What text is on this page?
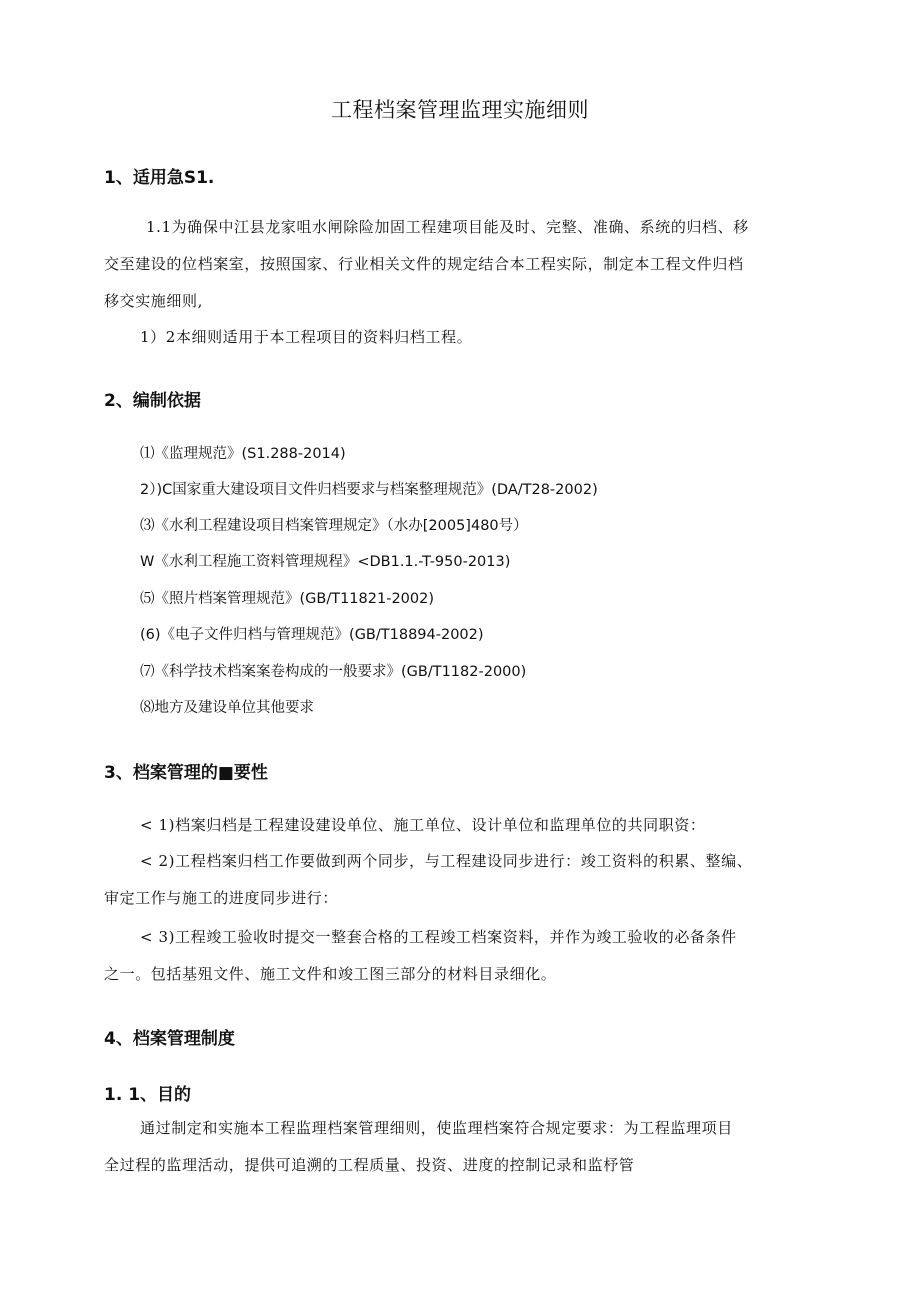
工程档案管理监理实施细则
1、适用急S1.
1.1为确保中江县龙家咀水闸除险加固工程建项目能及时、完整、准确、系统的归档、移
交至建设的位档案室，按照国家、行业相关文件的规定结合本工程实际，制定本工程文件归档
移交实施细则,
1）2本细则适用于本工程项目的资料归档工程。
2、编制依据
⑴《监理规范》(S1.288-2014)
2）)C国家重大建设项目文件归档要求与档案整理规范》(DA/T28-2002)
⑶《水利工程建设项目档案管理规定》（水办[2005]480号）
W《水利工程施工资料管理规程》<DB1.1.-T-950-2013)
⑸《照片档案管理规范》(GB/T11821-2002)
(6)《电子文件归档与管理规范》(GB/T18894-2002)
⑺《科学技术档案案卷构成的一般要求》(GB/T1182-2000)
⑻地方及建设单位其他要求
3、档案管理的■要性
< 1)档案归档是工程建设建设单位、施工单位、设计单位和监理单位的共同职资：
< 2)工程档案归档工作要做到两个同步，与工程建设同步进行：竣工资料的积累、整编、
审定工作与施工的进度同步进行：
< 3)工程竣工验收时提交一整套合格的工程竣工档案资料，并作为竣工验收的必备条件
之一。包括基殂文件、施工文件和竣工图三部分的材料目录细化。
4、档案管理制度
1. 1、目的
通过制定和实施本工程监理档案管理细则，使监理档案符合规定要求：为工程监理项目
全过程的监理活动，提供可追溯的工程质量、投资、进度的控制记录和监杼管
